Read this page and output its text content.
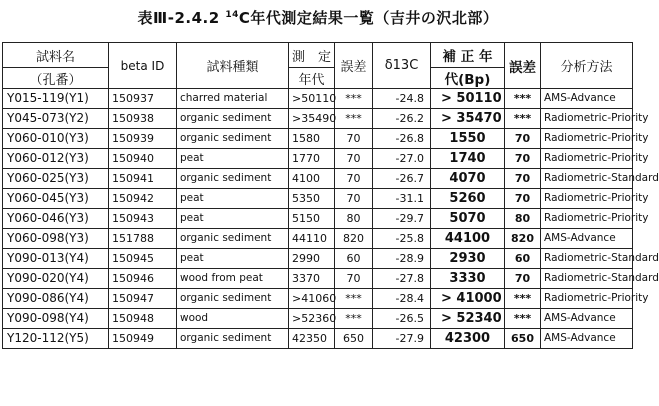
表Ⅲ-2.4.2 $^{14}$C年代測定結果一覧（吉井の沢北部）
試料名	beta ID	試料種類	測　定	誤差	δ13C	補 正 年	誤差	分析方法
（孔番）			年代			代(Bp)		
Y015-119(Y1)	150937	charred material	>50110	***	-24.8	> 50110	***	AMS-Advance
Y045-073(Y2)	150938	organic sediment	>35490	***	-26.2	> 35470	***	Radiometric-Priority
Y060-010(Y3)	150939	organic sediment	1580	70	-26.8	1550	70	Radiometric-Priority
Y060-012(Y3)	150940	peat	1770	70	-27.0	1740	70	Radiometric-Priority
Y060-025(Y3)	150941	organic sediment	4100	70	-26.7	4070	70	Radiometric-Standard
Y060-045(Y3)	150942	peat	5350	70	-31.1	5260	70	Radiometric-Priority
Y060-046(Y3)	150943	peat	5150	80	-29.7	5070	80	Radiometric-Priority
Y060-098(Y3)	151788	organic sediment	44110	820	-25.8	44100	820	AMS-Advance
Y090-013(Y4)	150945	peat	2990	60	-28.9	2930	60	Radiometric-Standard
Y090-020(Y4)	150946	wood from peat	3370	70	-27.8	3330	70	Radiometric-Standard
Y090-086(Y4)	150947	organic sediment	>41060	***	-28.4	> 41000	***	Radiometric-Priority
Y090-098(Y4)	150948	wood	>52360	***	-26.5	> 52340	***	AMS-Advance
Y120-112(Y5)	150949	organic sediment	42350	650	-27.9	42300	650	AMS-Advance
